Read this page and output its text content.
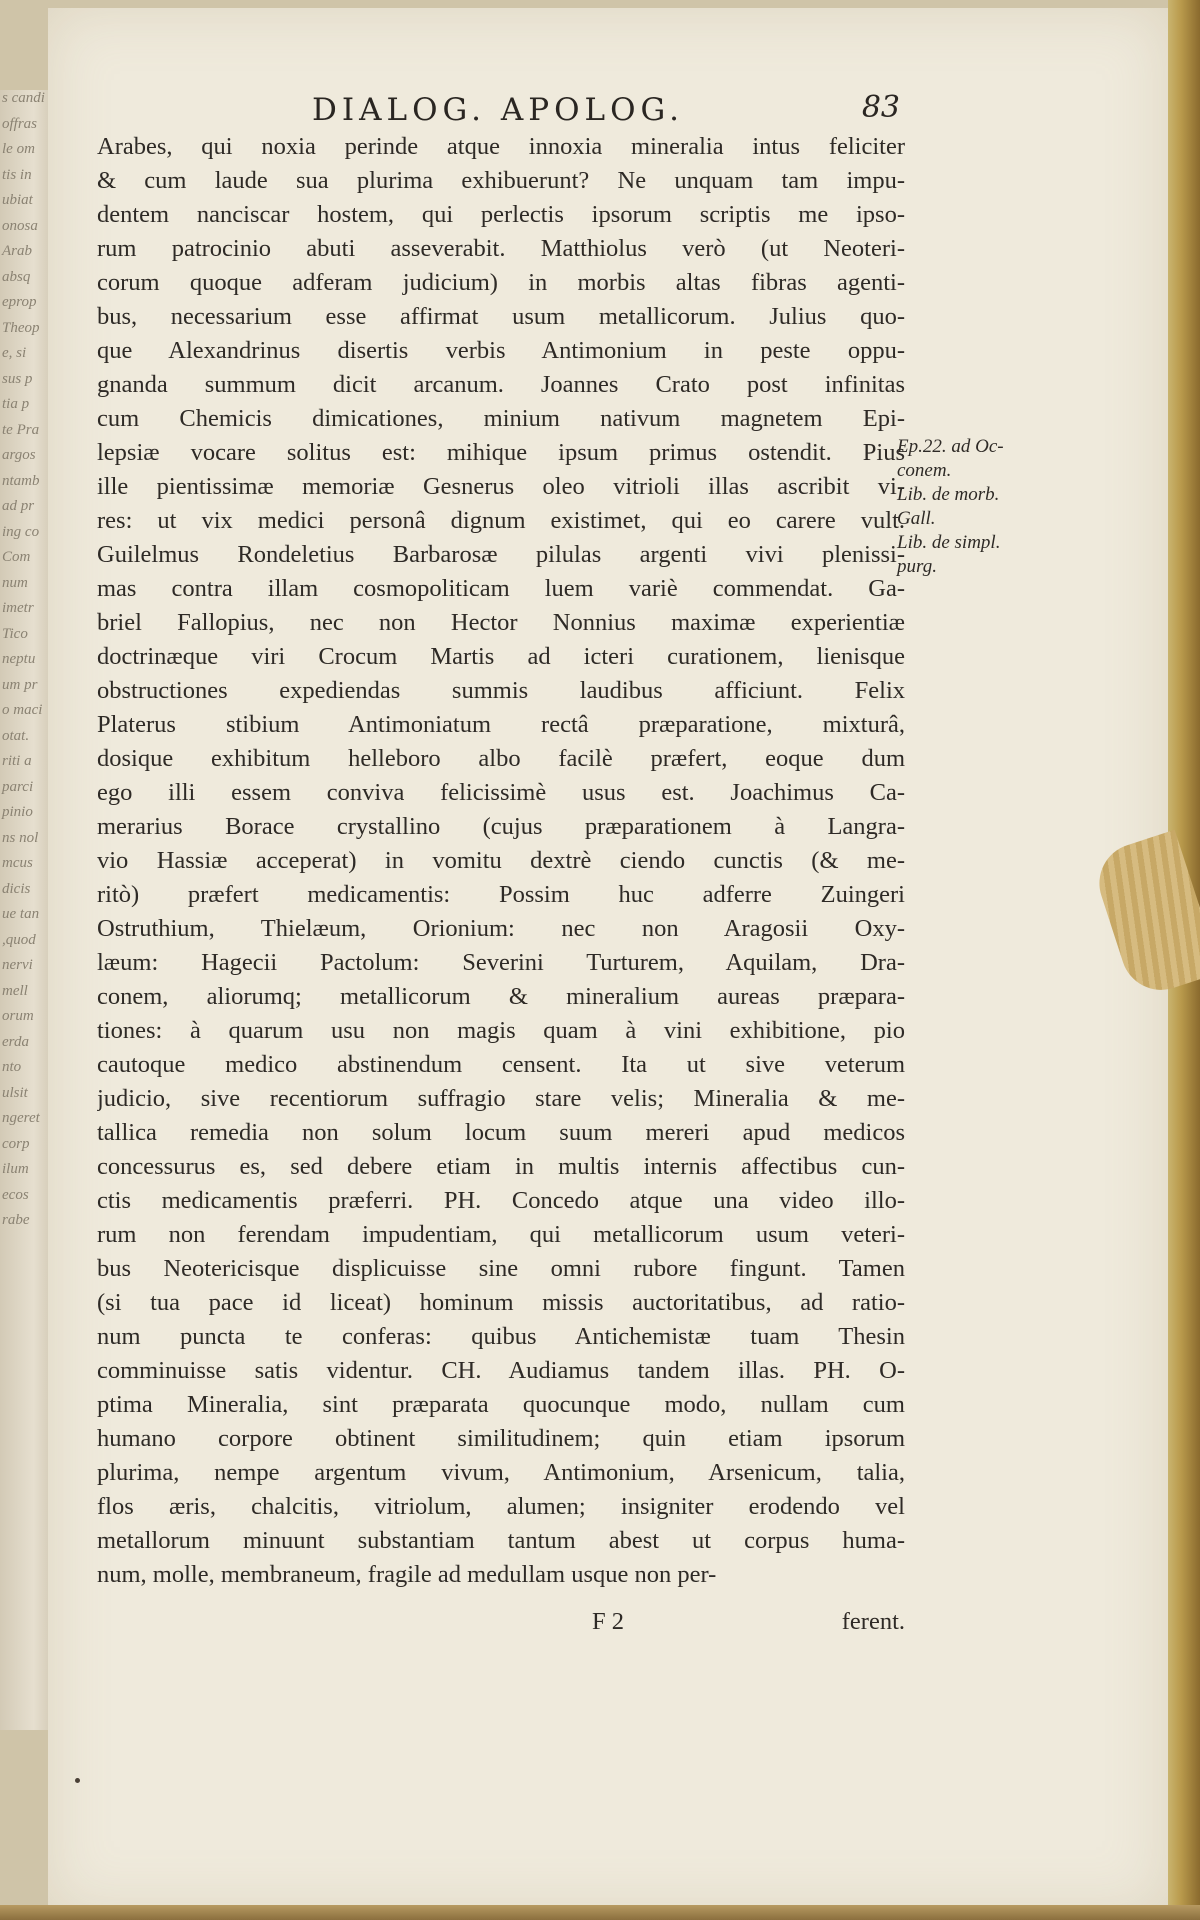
s candi
offras
le om
tis in
ubiat
onosa
Arab
absq
eprop
Theop
e, si
sus p
tia p
te Pra
argos
ntamb
ad pr
ing co
Com
num
imetr
Tico
neptu
um pr
o maci
otat.
riti a
parci
pinio
ns nol
mcus
dicis
ue tan
,quod
nervi
mell
orum
erda
nto
ulsit
ngeret
corp
ilum
ecos
rabe
DIALOG. APOLOG.	83
Arabes, qui noxia perinde atque innoxia mineralia intus feliciter
& cum laude sua plurima exhibuerunt? Ne unquam tam impu-
dentem nanciscar hostem, qui perlectis ipsorum scriptis me ipso-
rum patrocinio abuti asseverabit. Matthiolus verò (ut Neoteri-
corum quoque adferam judicium) in morbis altas fibras agenti-
bus, necessarium esse affirmat usum metallicorum. Julius quo-
que Alexandrinus disertis verbis Antimonium in peste oppu-
gnanda summum dicit arcanum. Joannes Crato post infinitas
cum Chemicis dimicationes, minium nativum magnetem Epi-
lepsiæ vocare solitus est: mihique ipsum primus ostendit. Pius
ille pientissimæ memoriæ Gesnerus oleo vitrioli illas ascribit vi-
res: ut vix medici personâ dignum existimet, qui eo carere vult.
Guilelmus Rondeletius Barbarosæ pilulas argenti vivi plenissi-
mas contra illam cosmopoliticam luem variè commendat. Ga-
briel Fallopius, nec non Hector Nonnius maximæ experientiæ
doctrinæque viri Crocum Martis ad icteri curationem, lienisque
obstructiones expediendas summis laudibus afficiunt. Felix
Platerus stibium Antimoniatum rectâ præparatione, mixturâ,
dosique exhibitum helleboro albo facilè præfert, eoque dum
ego illi essem conviva felicissimè usus est. Joachimus Ca-
merarius Borace crystallino (cujus præparationem à Langra-
vio Hassiæ acceperat) in vomitu dextrè ciendo cunctis (& me-
ritò) præfert medicamentis: Possim huc adferre Zuingeri
Ostruthium, Thielæum, Orionium: nec non Aragosii Oxy-
læum: Hagecii Pactolum: Severini Turturem, Aquilam, Dra-
conem, aliorumq; metallicorum & mineralium aureas præpara-
tiones: à quarum usu non magis quam à vini exhibitione, pio
cautoque medico abstinendum censent. Ita ut sive veterum
judicio, sive recentiorum suffragio stare velis; Mineralia & me-
tallica remedia non solum locum suum mereri apud medicos
concessurus es, sed debere etiam in multis internis affectibus cun-
ctis medicamentis præferri. PH. Concedo atque una video illo-
rum non ferendam impudentiam, qui metallicorum usum veteri-
bus Neotericisque displicuisse sine omni rubore fingunt. Tamen
(si tua pace id liceat) hominum missis auctoritatibus, ad ratio-
num puncta te conferas: quibus Antichemistæ tuam Thesin
comminuisse satis videntur. CH. Audiamus tandem illas. PH. O-
ptima Mineralia, sint præparata quocunque modo, nullam cum
humano corpore obtinent similitudinem; quin etiam ipsorum
plurima, nempe argentum vivum, Antimonium, Arsenicum, talia,
flos æris, chalcitis, vitriolum, alumen; insigniter erodendo vel
metallorum minuunt substantiam tantum abest ut corpus huma-
num, molle, membraneum, fragile ad medullam usque non per-
Ep.22. ad Oc-
conem.
Lib. de morb.
Gall.
Lib. de simpl.
purg.
F 2	ferent.
